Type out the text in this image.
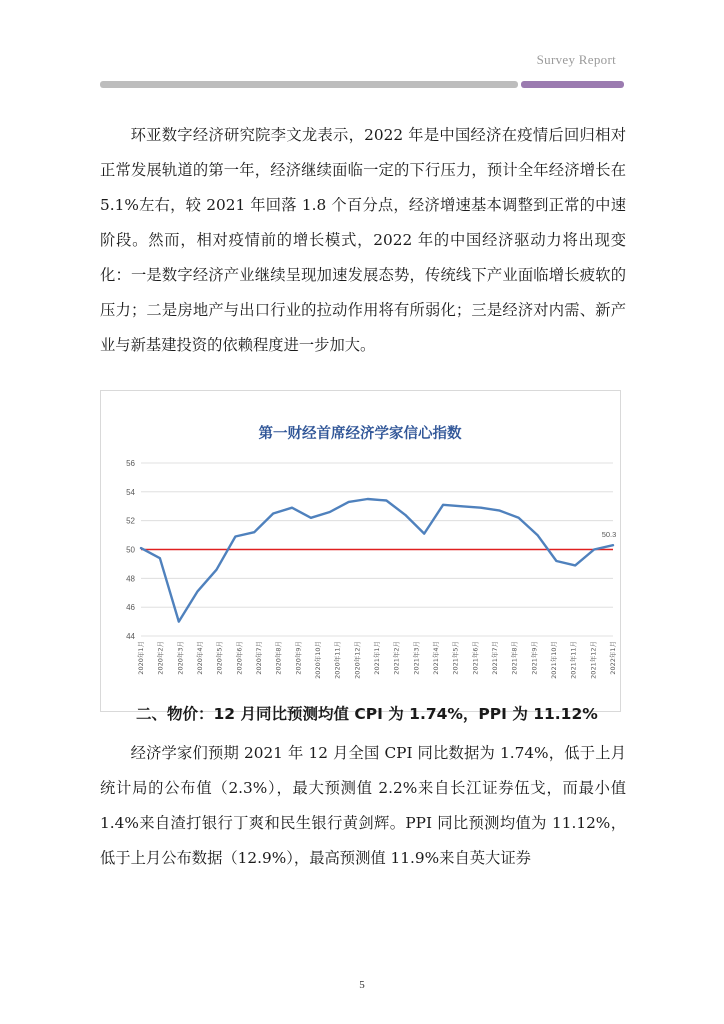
Survey Report

环亚数字经济研究院李文龙表示，2022 年是中国经济在疫情后回归相对正常发展轨道的第一年，经济继续面临一定的下行压力，预计全年经济增长在 5.1%左右，较 2021 年回落 1.8 个百分点，经济增速基本调整到正常的中速阶段。然而，相对疫情前的增长模式，2022 年的中国经济驱动力将出现变化：一是数字经济产业继续呈现加速发展态势，传统线下产业面临增长疲软的压力；二是房地产与出口行业的拉动作用将有所弱化；三是经济对内需、新产业与新基建投资的依赖程度进一步加大。

第一财经首席经济学家信心指数
44
46
48
50
52
54
56
2020年1月 2020年2月 2020年3月 2020年4月 2020年5月 2020年6月 2020年7月 2020年8月 2020年9月 2020年10月 2020年11月 2020年12月 2021年1月 2021年2月 2021年3月 2021年4月 2021年5月 2021年6月 2021年7月 2021年8月 2021年9月 2021年10月 2021年11月 2021年12月 2022年1月
50.3

二、物价：12 月同比预测均值 CPI 为 1.74%，PPI 为 11.12%

经济学家们预期 2021 年 12 月全国 CPI 同比数据为 1.74%，低于上月统计局的公布值（2.3%），最大预测值 2.2%来自长江证券伍戈，而最小值 1.4%来自渣打银行丁爽和民生银行黄剑辉。PPI 同比预测均值为 11.12%，低于上月公布数据（12.9%），最高预测值 11.9%来自英大证券

5
